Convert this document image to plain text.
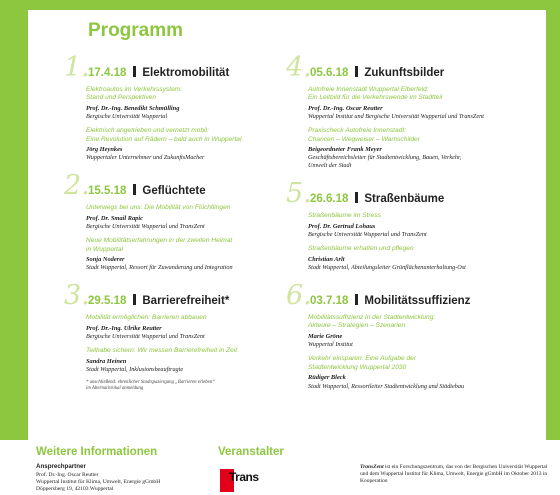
Programm
1.
17.4.18 Elektromobilität
Elektroautos im Verkehrssystem:
Stand und Perspektiven
Prof. Dr.-Ing. Benedikt Schmülling
Bergische Universität Wuppertal
Elektrisch angetrieben und vernetzt mobil:
Eine Revolution auf Rädern – bald auch in Wuppertal
Jörg Heynkes
Wuppertaler Unternehmer und ZukunftsMacher
2.
15.5.18 Geflüchtete
Unterwegs bei uns: Die Mobilität von Flüchtlingen
Prof. Dr. Smail Rapic
Bergische Universität Wuppertal und TransZent
Neue Mobilitätserfahrungen in der zweiten Heimat
in Wuppertal
Sonja Noderer
Stadt Wuppertal, Ressort für Zuwanderung und Integration
3.
29.5.18 Barrierefreiheit*
Mobilität ermöglichen: Barrieren abbauen
Prof. Dr.-Ing. Ulrike Reutter
Bergische Universität Wuppertal und TransZent
Teilhabe sichern: Wir messen Barrierefreiheit in Zeit
Sandra Heinen
Stadt Wuppertal, Inklusionsbeauftragte
* anschließend: ehrenlicher Stadtspaziergang „Barrieren erleben“
im Alternativlokal anmeldung
4.
05.6.18 Zukunftsbilder
Autofreie Innenstadt Wuppertal Elberfeld:
Ein Leitbild für die Verkehrswende im Stadtteil
Prof. Dr.-Ing. Oscar Reutter
Wuppertal Institut und Bergische Universität Wuppertal und TransZent
Praxischeck Autofreie Innenstadt:
Chancen – Wegweiser – Warnschilder
Beigeordneter Frank Meyer
Geschäftsbereichsleiter für Stadtentwicklung, Bauen, Verkehr,
Umwelt der Stadt
5.
26.6.18 Straßenbäume
Straßenbäume im Stress
Prof. Dr. Gertrud Lohaus
Bergische Universität Wuppertal und TransZent
Straßenbäume erhalten und pflegen
Christian Arlt
Stadt Wuppertal, Abteilungsleiter Grünflächenunterhaltung-Ost
6.
03.7.18 Mobilitätssuffizienz
Mobilitätssuffizienz in der Stadtentwicklung:
Akteure – Strategien – Szenarien
Marie Gröne
Wuppertal Institut
Verkehr einsparen: Eine Aufgabe der
Stadtentwicklung Wuppertal 2030
Rüdiger Bleck
Stadt Wuppertal, Ressortleiter Stadtentwicklung und Städtebau
Weitere Informationen	Veranstalter
Ansprechpartner
Prof. Dr.-Ing. Oscar Reutter
Wuppertal Institut für Klima, Umwelt, Energie gGmbH
Döppersberg 19, 42103 Wuppertal
Trans
TransZent ist ein Forschungszentrum, das von der Bergischen Universität Wuppertal und dem Wuppertal Institut für Klima, Umwelt, Energie gGmbH im Oktober 2013 in Kooperation
